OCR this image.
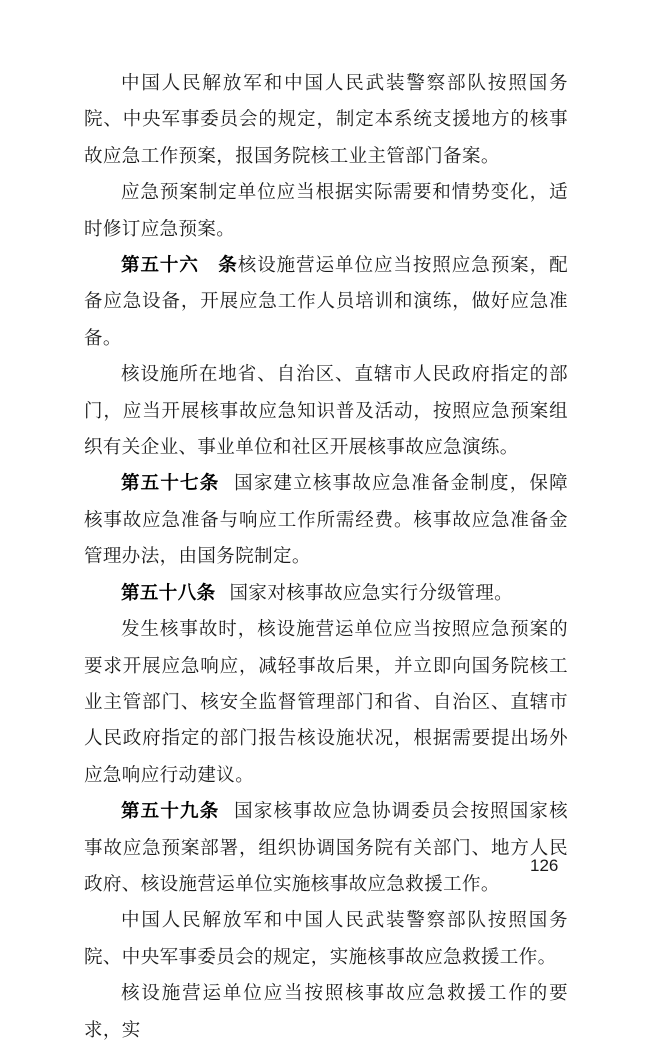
中国人民解放军和中国人民武装警察部队按照国务院、中央军事委员会的规定，制定本系统支援地方的核事故应急工作预案，报国务院核工业主管部门备案。

应急预案制定单位应当根据实际需要和情势变化，适时修订应急预案。

第五十六　条核设施营运单位应当按照应急预案，配备应急设备，开展应急工作人员培训和演练，做好应急准备。

核设施所在地省、自治区、直辖市人民政府指定的部门，应当开展核事故应急知识普及活动，按照应急预案组织有关企业、事业单位和社区开展核事故应急演练。

第五十七条 国家建立核事故应急准备金制度，保障核事故应急准备与响应工作所需经费。核事故应急准备金管理办法，由国务院制定。

第五十八条 国家对核事故应急实行分级管理。

发生核事故时，核设施营运单位应当按照应急预案的要求开展应急响应，减轻事故后果，并立即向国务院核工业主管部门、核安全监督管理部门和省、自治区、直辖市人民政府指定的部门报告核设施状况，根据需要提出场外应急响应行动建议。

第五十九条 国家核事故应急协调委员会按照国家核事故应急预案部署，组织协调国务院有关部门、地方人民政府、核设施营运单位实施核事故应急救援工作。

中国人民解放军和中国人民武装警察部队按照国务院、中央军事委员会的规定，实施核事故应急救援工作。

核设施营运单位应当按照核事故应急救援工作的要求，实

126
